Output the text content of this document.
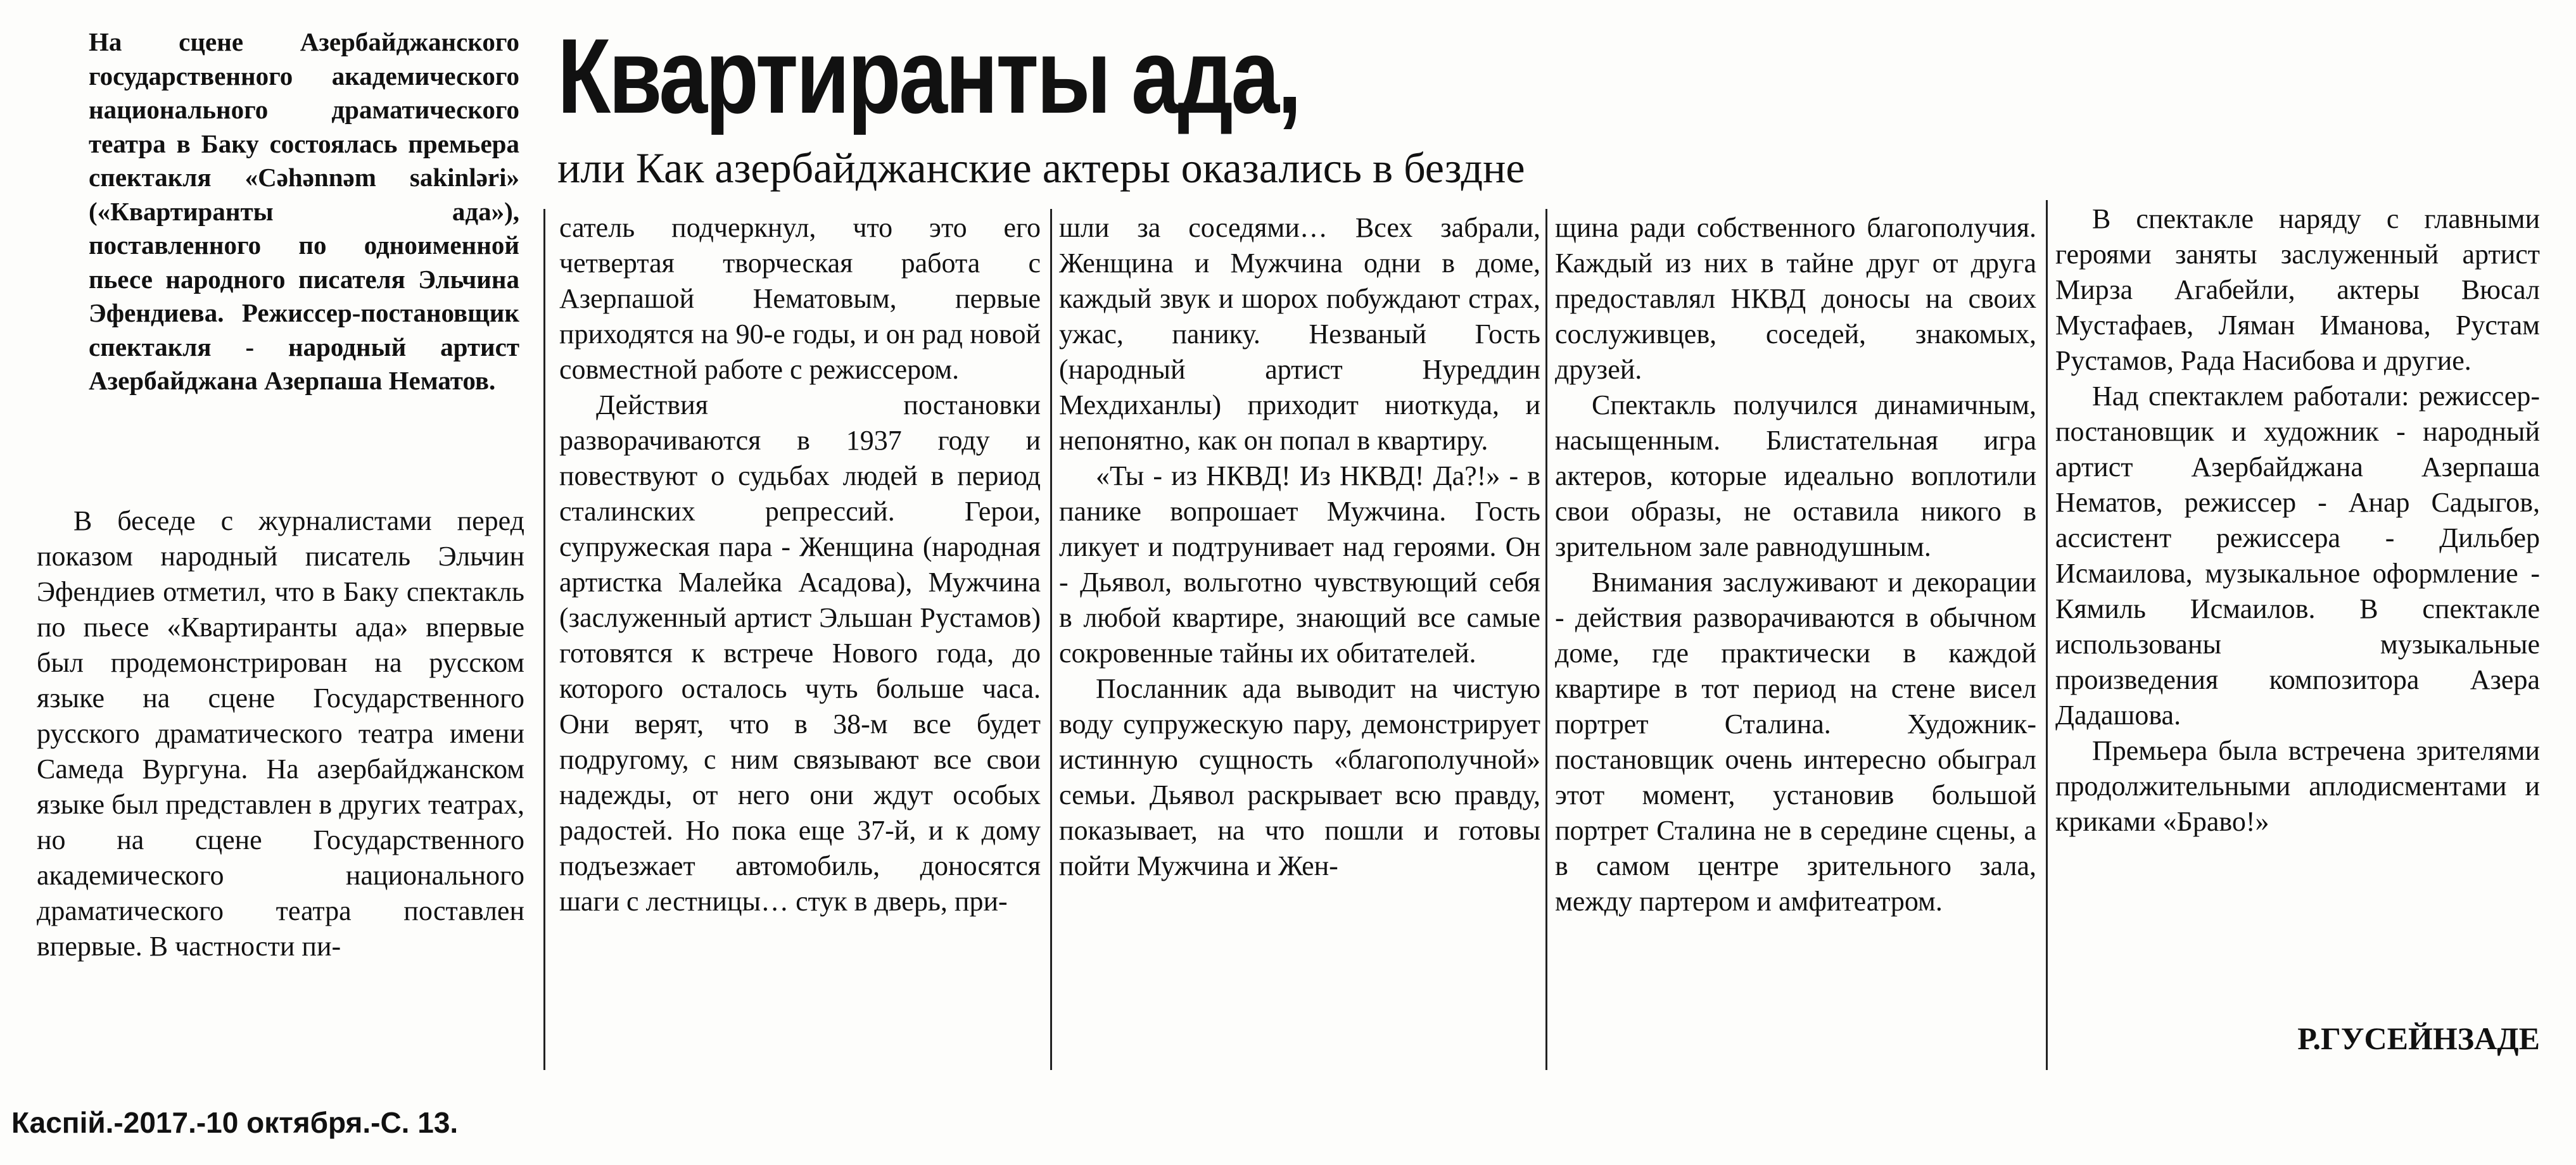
На сцене Азербайджанского государственного академического национального драматического театра в Баку состоялась премьера спектакля «Cəhənnəm sakinləri» («Квартиранты ада»), поставленного по одноименной пьесе народного писателя Эльчина Эфендиева. Режиссер-постановщик спектакля - народный артист Азербайджана Азерпаша Нематов.
Квартиранты ада,
или Как азербайджанские актеры оказались в бездне

В беседе с журналистами перед показом народный писатель Эльчин Эфендиев отметил, что в Баку спектакль по пьесе «Квартиранты ада» впервые был продемонстрирован на русском языке на сцене Государственного русского драматического театра имени Самеда Вургуна. На азербайджанском языке был представлен в других театрах, но на сцене Государственного академического национального драматического театра поставлен впервые. В частности пи-

сатель подчеркнул, что это его четвертая творческая работа с Азерпашой Нематовым, первые приходятся на 90-е годы, и он рад новой совместной работе с режиссером.

Действия постановки разворачиваются в 1937 году и повествуют о судьбах людей в период сталинских репрессий. Герои, супружеская пара - Женщина (народная артистка Малейка Асадова), Мужчина (заслуженный артист Эльшан Рустамов) готовятся к встрече Нового года, до которого осталось чуть больше часа. Они верят, что в 38-м все будет подругому, с ним связывают все свои надежды, от него они ждут особых радостей. Но пока еще 37-й, и к дому подъезжает автомобиль, доносятся шаги с лестницы… стук в дверь, при-

шли за соседями… Всех забрали, Женщина и Мужчина одни в доме, каждый звук и шорох побуждают страх, ужас, панику. Незваный Гость (народный артист Нуреддин Мехдиханлы) приходит ниоткуда, и непонятно, как он попал в квартиру.

«Ты - из НКВД! Из НКВД! Да?!» - в панике вопрошает Мужчина. Гость ликует и подтрунивает над героями. Он - Дьявол, вольготно чувствующий себя в любой квартире, знающий все самые сокровенные тайны их обитателей.

Посланник ада выводит на чистую воду супружескую пару, демонстрирует истинную сущность «благополучной» семьи. Дьявол раскрывает всю правду, показывает, на что пошли и готовы пойти Мужчина и Жен-

щина ради собственного благополучия. Каждый из них в тайне друг от друга предоставлял НКВД доносы на своих сослуживцев, соседей, знакомых, друзей.

Спектакль получился динамичным, насыщенным. Блистательная игра актеров, которые идеально воплотили свои образы, не оставила никого в зрительном зале равнодушным.

Внимания заслуживают и декорации - действия разворачиваются в обычном доме, где практически в каждой квартире в тот период на стене висел портрет Сталина. Художник-постановщик очень интересно обыграл этот момент, установив большой портрет Сталина не в середине сцены, а в самом центре зрительного зала, между партером и амфитеатром.

В спектакле наряду с главными героями заняты заслуженный артист Мирза Агабейли, актеры Вюсал Мустафаев, Ляман Иманова, Рустам Рустамов, Рада Насибова и другие.

Над спектаклем работали: режиссер-постановщик и художник - народный артист Азербайджана Азерпаша Нематов, режиссер - Анар Садыгов, ассистент режиссера - Дильбер Исмаилова, музыкальное оформление - Кямиль Исмаилов. В спектакле использованы музыкальные произведения композитора Азера Дадашова.

Премьера была встречена зрителями продолжительными аплодисментами и криками «Браво!»

Р.ГУСЕЙНЗАДЕ
Каспій.-2017.-10 октября.-С. 13.
